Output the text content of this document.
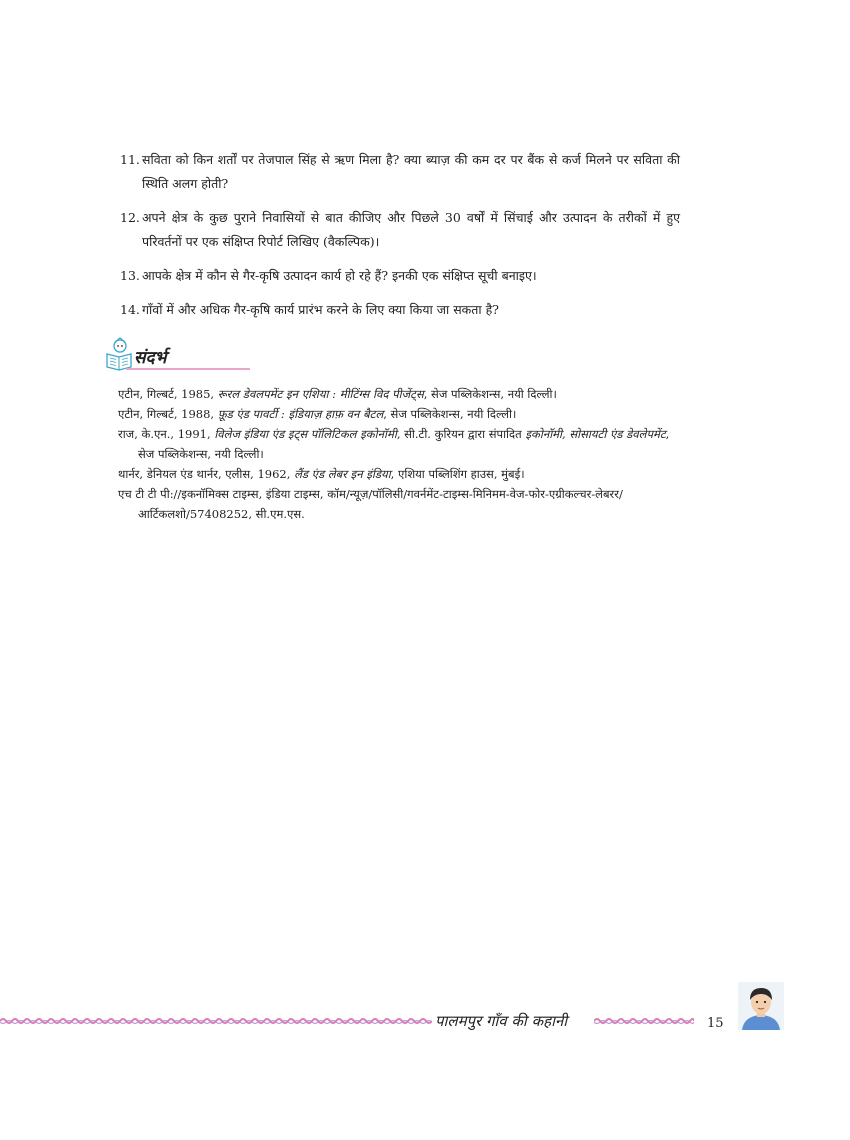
11. सविता को किन शर्तों पर तेजपाल सिंह से ऋण मिला है? क्या ब्याज़ की कम दर पर बैंक से कर्ज मिलने पर सविता की स्थिति अलग होती?

12. अपने क्षेत्र के कुछ पुराने निवासियों से बात कीजिए और पिछले 30 वर्षों में सिंचाई और उत्पादन के तरीकों में हुए परिवर्तनों पर एक संक्षिप्त रिपोर्ट लिखिए (वैकल्पिक)।

13. आपके क्षेत्र में कौन से गैर-कृषि उत्पादन कार्य हो रहे हैं? इनकी एक संक्षिप्त सूची बनाइए।

14. गाँवों में और अधिक गैर-कृषि कार्य प्रारंभ करने के लिए क्या किया जा सकता है?

संदर्भ

एटीन, गिल्बर्ट, 1985, रूरल डेवलपमेंट इन एशिया : मीटिंग्स विद पीजेंट्स, सेज पब्लिकेशन्स, नयी दिल्ली।

एटीन, गिल्बर्ट, 1988, फ़ूड एंड पावर्टी : इंडियाज़ हाफ़ वन बैटल, सेज पब्लिकेशन्स, नयी दिल्ली।

राज, के.एन., 1991, विलेज इंडिया एंड इट्स पॉलिटिकल इकोनॉमी, सी.टी. कुरियन द्वारा संपादित इकोनॉमी, सोसायटी एंड डेवलेपमेंट, सेज पब्लिकेशन्स, नयी दिल्ली।

थार्नर, डेनियल एंड थार्नर, एलीस, 1962, लैंड एंड लेबर इन इंडिया, एशिया पब्लिशिंग हाउस, मुंबई।

एच टी टी पी://इकनॉमिक्स टाइम्स, इंडिया टाइम्स, कॉम/न्यूज़/पॉलिसी/गवर्नमेंट-टाइम्स-मिनिमम-वेज-फोर-एग्रीकल्चर-लेबरर/आर्टिकलशो/57408252, सी.एम.एस.

पालमपुर गाँव की कहानी	15
